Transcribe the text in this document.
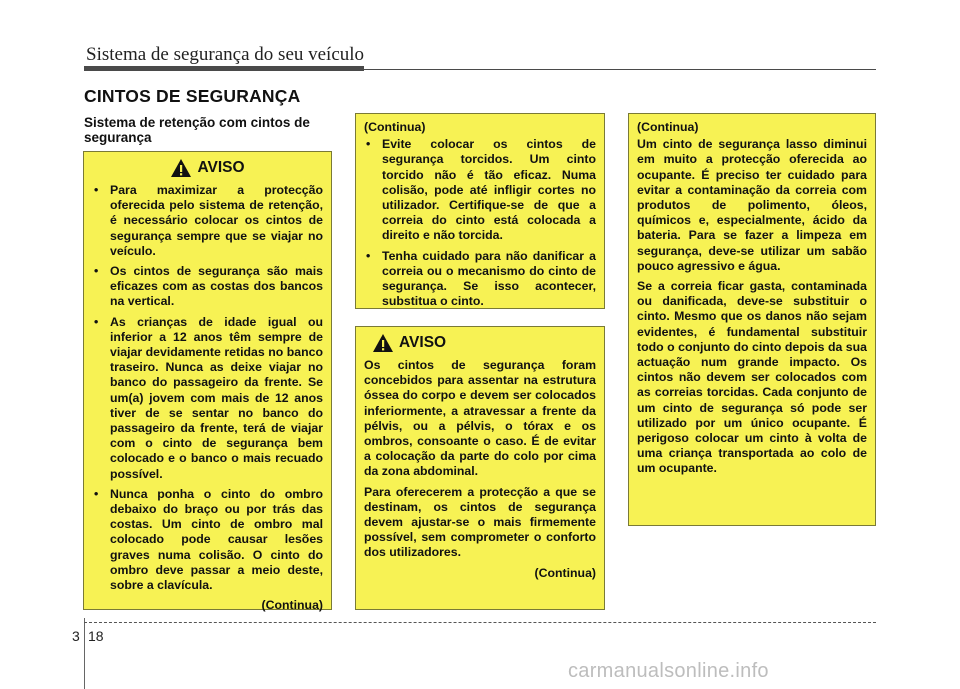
Sistema de segurança do seu veículo
CINTOS DE SEGURANÇA
Sistema de retenção com cintos de segurança
AVISO
• Para maximizar a protecção oferecida pelo sistema de retenção, é necessário colocar os cintos de segurança sempre que se viajar no veículo.
• Os cintos de segurança são mais eficazes com as costas dos bancos na vertical.
• As crianças de idade igual ou inferior a 12 anos têm sempre de viajar devidamente retidas no banco traseiro. Nunca as deixe viajar no banco do passageiro da frente. Se um(a) jovem com mais de 12 anos tiver de se sentar no banco do passageiro da frente, terá de viajar com o cinto de segurança bem colocado e o banco o mais recuado possível.
• Nunca ponha o cinto do ombro debaixo do braço ou por trás das costas. Um cinto de ombro mal colocado pode causar lesões graves numa colisão. O cinto do ombro deve passar a meio deste, sobre a clavícula.
(Continua)
(Continua)
• Evite colocar os cintos de segurança torcidos. Um cinto torcido não é tão eficaz. Numa colisão, pode até infligir cortes no utilizador. Certifique-se de que a correia do cinto está colocada a direito e não torcida.
• Tenha cuidado para não danificar a correia ou o mecanismo do cinto de segurança. Se isso acontecer, substitua o cinto.
AVISO

Os cintos de segurança foram concebidos para assentar na estrutura óssea do corpo e devem ser colocados inferiormente, a atravessar a frente da pélvis, ou a pélvis, o tórax e os ombros, consoante o caso. É de evitar a colocação da parte do colo por cima da zona abdominal.

Para oferecerem a protecção a que se destinam, os cintos de segurança devem ajustar-se o mais firmemente possível, sem comprometer o conforto dos utilizadores.

(Continua)
(Continua)

Um cinto de segurança lasso diminui em muito a protecção oferecida ao ocupante. É preciso ter cuidado para evitar a contaminação da correia com produtos de polimento, óleos, químicos e, especialmente, ácido da bateria. Para se fazer a limpeza em segurança, deve-se utilizar um sabão pouco agressivo e água.

Se a correia ficar gasta, contaminada ou danificada, deve-se substituir o cinto. Mesmo que os danos não sejam evidentes, é fundamental substituir todo o conjunto do cinto depois da sua actuação num grande impacto. Os cintos não devem ser colocados com as correias torcidas. Cada conjunto de um cinto de segurança só pode ser utilizado por um único ocupante. É perigoso colocar um cinto à volta de uma criança transportada ao colo de um ocupante.

3 18
carmanualsonline.info
